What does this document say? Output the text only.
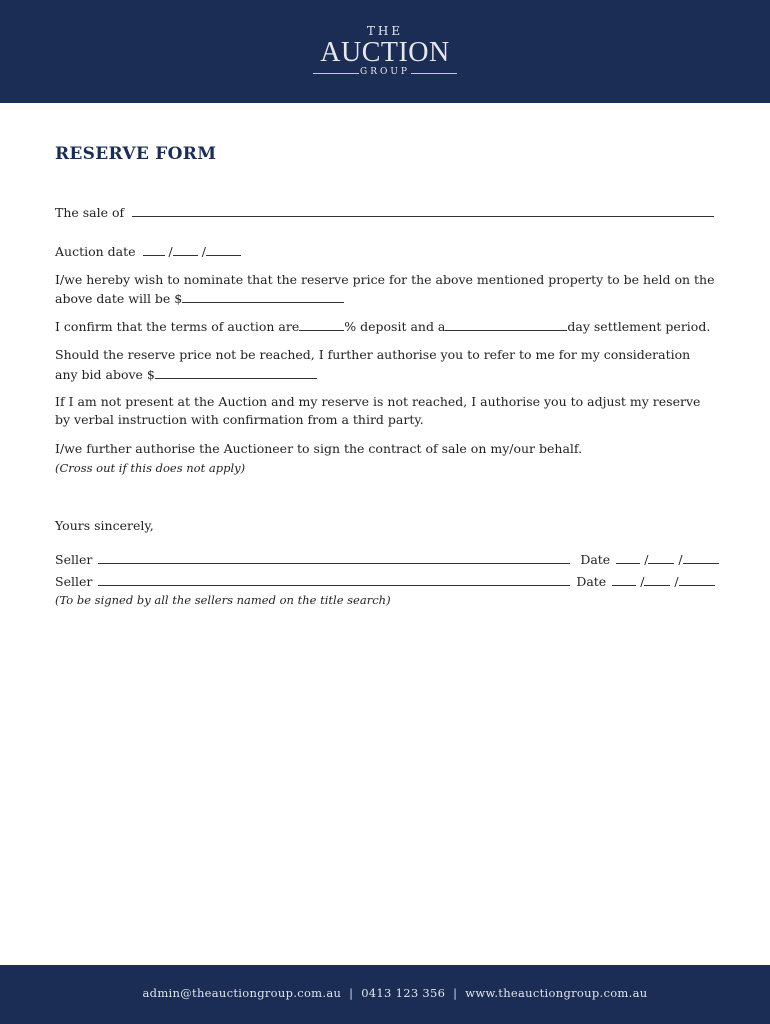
THE
AUCTION
GROUP
RESERVE FORM
The sale of
Auction date	/ /
I/we hereby wish to nominate that the reserve price for the above mentioned property to be held on the
above date will be $
I confirm that the terms of auction are	% deposit and a	day settlement period.
Should the reserve price not be reached, I further authorise you to refer to me for my consideration
any bid above $
If I am not present at the Auction and my reserve is not reached, I authorise you to adjust my reserve
by verbal instruction with confirmation from a third party.
I/we further authorise the Auctioneer to sign the contract of sale on my/our behalf.
(Cross out if this does not apply)
Yours sincerely,
Seller	Date	/ /
Seller	Date	/ /
(To be signed by all the sellers named on the title search)
admin@theauctiongroup.com.au  |  0413 123 356  |  www.theauctiongroup.com.au
